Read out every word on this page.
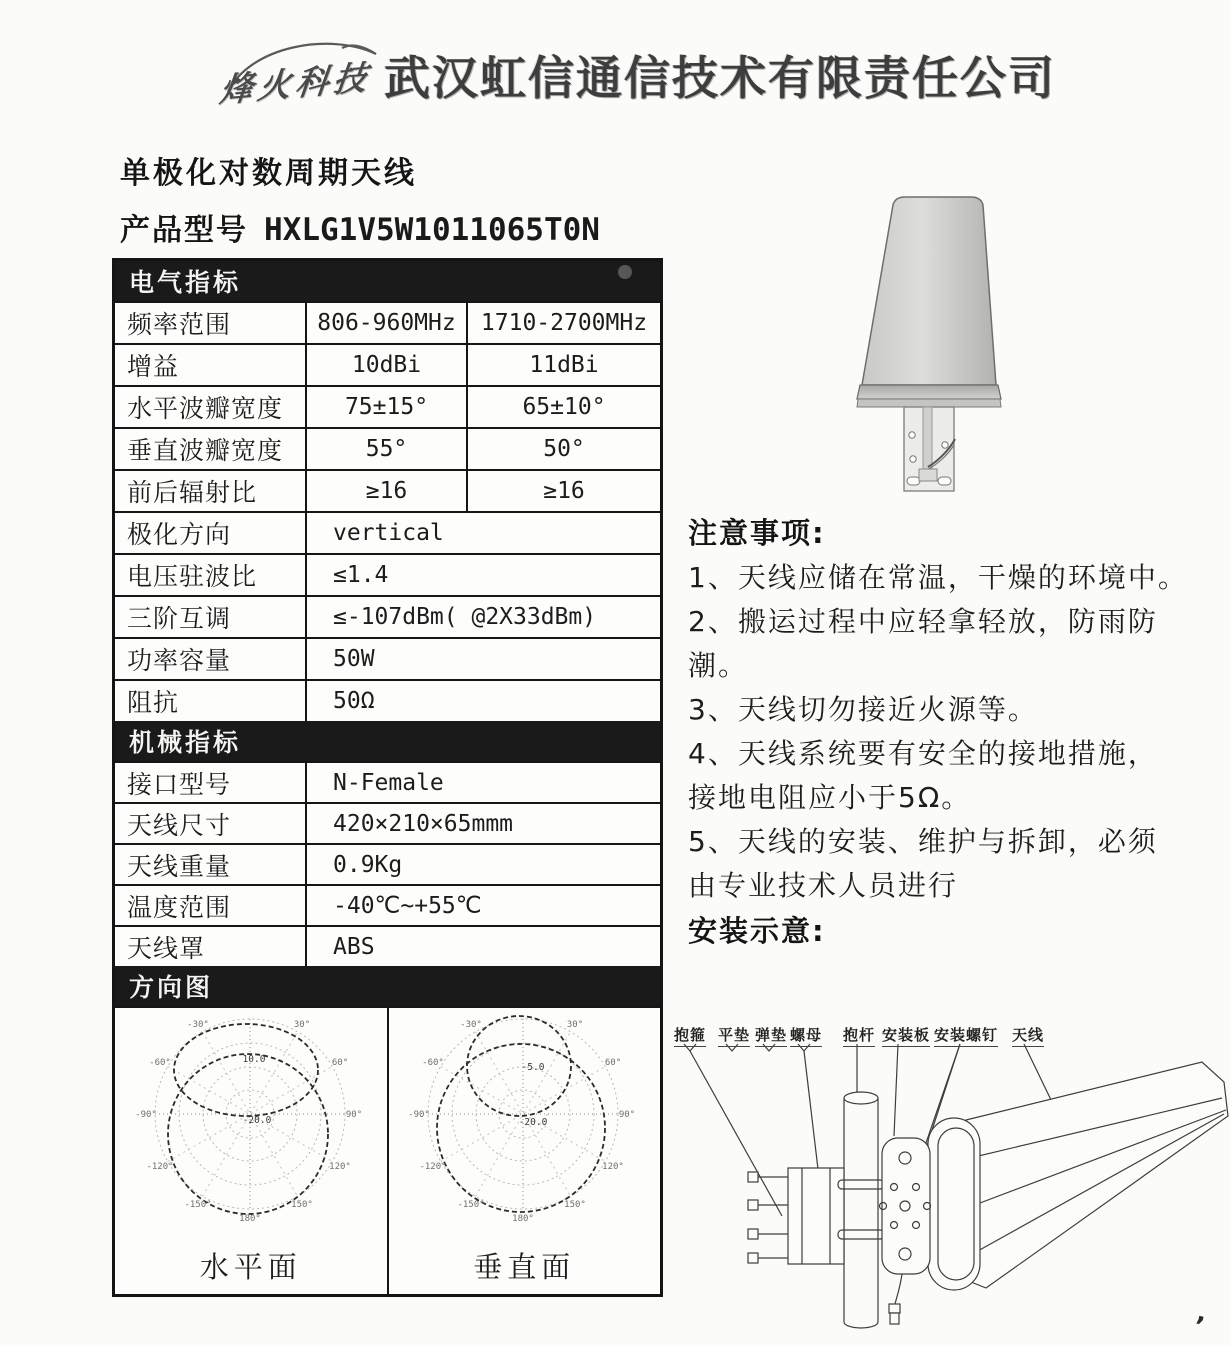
烽火科技 武汉虹信通信技术有限责任公司
单极化对数周期天线
产品型号 HXLG1V5W1011065T0N
电气指标
频率范围	806-960MHz	1710-2700MHz
增益	10dBi	11dBi
水平波瓣宽度	75±15°	65±10°
垂直波瓣宽度	55°	50°
前后辐射比	≥16	≥16
极化方向	vertical
电压驻波比	≤1.4
三阶互调	≤-107dBm( @2X33dBm)
功率容量	50W
阻抗	50Ω
机械指标
接口型号	N-Female
天线尺寸	420×210×65mmm
天线重量	0.9Kg
温度范围	-40℃~+55℃
天线罩	ABS
方向图
-30°	30°
-60°	60°
-90°	90°
-120°	120°
-150°	150°
180°
10.0
-20.0
水平面
-30°	30°
-60°	60°
-90°	90°
-120°	120°
-150°	150°
180°
-5.0
-20.0
垂直面
注意事项:
1、天线应储在常温，干燥的环境中。
2、搬运过程中应轻拿轻放，防雨防
潮。
3、天线切勿接近火源等。
4、天线系统要有安全的接地措施，
接地电阻应小于5Ω。
5、天线的安装、维护与拆卸，必须
由专业技术人员进行
安装示意:
抱箍 平垫 弹垫 螺母 抱杆 安装板 安装螺钉 天线
’
